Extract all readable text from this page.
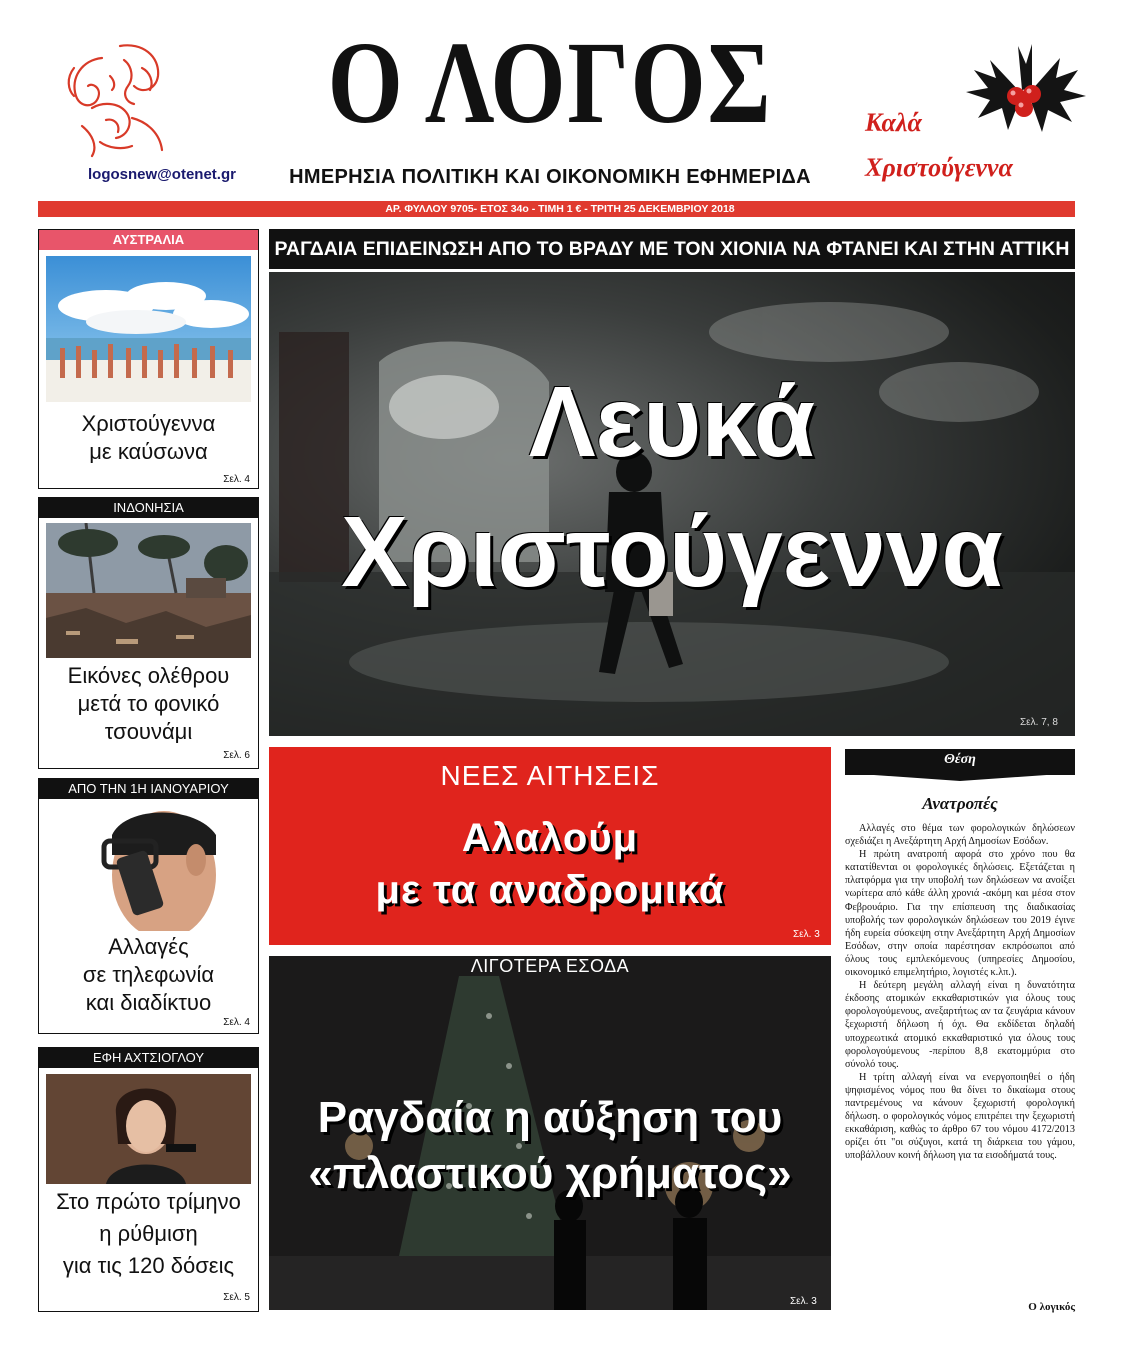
logosnew@otenet.gr
Ο ΛΟΓΟΣ
ΗΜΕΡΗΣΙΑ ΠΟΛΙΤΙΚΗ ΚΑΙ ΟΙΚΟΝΟΜΙΚΗ ΕΦΗΜΕΡΙΔΑ
Καλά
Χριστούγεννα
ΑΡ. ΦΥΛΛΟΥ 9705- ΕΤΟΣ 34ο - ΤΙΜΗ 1 € - ΤΡΙΤΗ 25 ΔΕΚΕΜΒΡΙΟΥ 2018
ΑΥΣΤΡΑΛΙΑ
Χριστούγεννα
με καύσωνα
Σελ. 4
ΙΝΔΟΝΗΣΙΑ
Εικόνες ολέθρου
μετά το φονικό
τσουνάμι
Σελ. 6
ΑΠΟ ΤΗΝ 1Η ΙΑΝΟΥΑΡΙΟΥ
Αλλαγές
σε τηλεφωνία
και διαδίκτυο
Σελ. 4
ΕΦΗ ΑΧΤΣΙΟΓΛΟΥ
Στο πρώτο τρίμηνο
η ρύθμιση
για τις 120 δόσεις
Σελ. 5
ΡΑΓΔΑΙΑ ΕΠΙΔΕΙΝΩΣΗ ΑΠΟ ΤΟ ΒΡΑΔΥ ΜΕ ΤΟΝ ΧΙΟΝΙΑ ΝΑ ΦΤΑΝΕΙ ΚΑΙ ΣΤΗΝ ΑΤΤΙΚΗ
Λευκά
Χριστούγεννα
Σελ. 7, 8
ΝΕΕΣ ΑΙΤΗΣΕΙΣ
Αλαλούμ
με τα αναδρομικά
Σελ. 3
ΛΙΓΟΤΕΡΑ ΕΣΟΔΑ
Ραγδαία η αύξηση του
«πλαστικού χρήματος»
Σελ. 3
Θέση
Ανατροπές

Αλλαγές στο θέμα των φορολογικών δηλώσεων σχεδιάζει η Ανεξάρτητη Αρχή Δημοσίων Εσόδων.

Η πρώτη ανατροπή αφορά στο χρόνο που θα κατατίθενται οι φορολογικές δηλώσεις. Εξετάζεται η πλατφόρμα για την υποβολή των δηλώσεων να ανοίξει νωρίτερα από κάθε άλλη χρονιά -ακόμη και μέσα στον Φεβρουάριο. Για την επίσπευση της διαδικασίας υποβολής των φορολογικών δηλώσεων του 2019 έγινε ήδη ευρεία σύσκεψη στην Ανεξάρτητη Αρχή Δημοσίων Εσόδων, στην οποία παρέστησαν εκπρόσωποι από όλους τους εμπλεκόμενους (υπηρεσίες Δημοσίου, οικονομικό επιμελητήριο, λογιστές κ.λπ.).

Η δεύτερη μεγάλη αλλαγή είναι η δυνατότητα έκδοσης ατομικών εκκαθαριστικών για όλους τους φορολογούμενους, ανεξαρτήτως αν τα ζευγάρια κάνουν ξεχωριστή δήλωση ή όχι. Θα εκδίδεται δηλαδή υποχρεωτικά ατομικό εκκαθαριστικό για όλους τους φορολογούμενους -περίπου 8,8 εκατομμύρια στο σύνολό τους.

Η τρίτη αλλαγή είναι να ενεργοποιηθεί ο ήδη ψηφισμένος νόμος που θα δίνει το δικαίωμα στους παντρεμένους να κάνουν ξεχωριστή φορολογική δήλωση. ο φορολογικός νόμος επιτρέπει την ξεχωριστή εκκαθάριση, καθώς το άρθρο 67 του νόμου 4172/2013 ορίζει ότι "οι σύζυγοι, κατά τη διάρκεια του γάμου, υποβάλλουν κοινή δήλωση για τα εισοδήματά τους.

Ο λογικός
